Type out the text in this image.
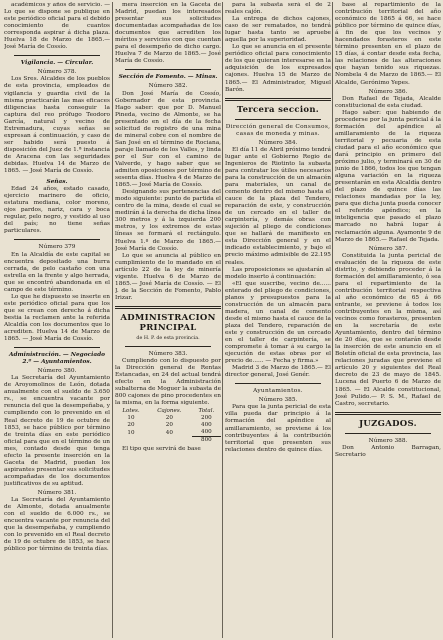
académicos y años de servicio. — Lo que se dispone se publique en este periódico oficial para el debido conocimiento de cuantos corresponda aspirar á dicha plaza. Huelva 18 de Marzo de 1865.— José María de Cossío.

Vigilancia. — Circular.

Número 378.

Los Sres. Alcaldes de los pueblos de esta provincia, empleados de vigilancia y guardia civil de la misma practicarán las mas eficaces diligencias hasta conseguir la captura del reo prófugo Teodoro García, natural y vecino de Extremadura, cuyas señas se expresan á continuación, y caso de ser habido será puesto á disposición del Juez de 1.ª instancia de Aracena con las seguridades debidas. Huelva 14 de Marzo de 1865. — José María de Cossío.

Señas.

Edad 24 años, estado casado, ejercicio marinero de oficio, estatura mediana, color moreno, ojos pardos, nariz, cara y boca regular, pelo negro, y vestido al uso del país; no tiene señas particulares.

Número 379

En la Alcaldía de este capital se encuentra depositado una burra cerrada, de pelo castaño con una estrella en la frente y algo herrada, que se encontró abandonada en el campo de este término.

Lo que he dispuesto se inserte en este periódico oficial para que los que se crean con derecho á dicha bestia la reclamen ante la referida Alcaldía con los documentos que lo acrediten. Huelva 14 de Marzo de 1865. — José María de Cossío.

Administración. — Negociado 2.º — Ayuntamientos.

Número 380.

La Secretaría del Ayuntamiento de Aroyomolinos de León, dotada anualmente con el sueldo de 3.650 rs., se encuentra vacante por renuncia del que la desempeñaba, y cumpliendo con lo prevenido en el Real decreto de 19 de octubre de 1853, se hace público por término de treinta días en este periódico oficial para que en el término de un mes, contado desde que tenga efecto la presente inserción en la Gaceta de Madrid, puedan los aspirantes presentar sus solicitudes acompañadas de los documentos justificativos de su aptitud.

Número 381.

La Secretaría del Ayuntamiento de Almonte, dotada anualmente con el sueldo de 6.000 rs., se encuentra vacante por renuncia del que la desempeñaba, y cumpliendo con lo prevenido en el Real decreto de 19 de octubre de 1853, se hace público por término de treinta días.

mera inserción en la Gaceta de Madrid, puedan los interesados presentar sus solicitudes documentadas acompañadas de los documentos que acrediten los méritos y servicios con que cuentan para el desempeño de dicho cargo. Huelva 7 de Marzo de 1865.— José María de Cossío.

Sección de Fomento. — Minas.

Número 382.

Don José María de Cossío, Gobernador de esta provincia. Hago saber: que por D. Manuel Pineda, vecino de Almonte, se ha presentado en el día de la fecha solicitud de registro de una mina de mineral cobre con el nombre de San José en el término de Rociana, paraje llamado de los Valles, y linda por el Sur con el camino de Valverde, y hago saber que se admiten oposiciones por término de sesenta días. Huelva 4 de Marzo de 1865.— José María de Cossío.

Designando sus pertenencias del modo siguiente: punto de partida el centro de la mina, desde el cual se medirán á la derecha de dicha línea 300 metros y á la izquierda 200 metros, y los extremos de estas líneas se formará el rectángulo. Huelva 1.º de Marzo de 1865.— José María de Cossío.

Lo que se anuncia al público en cumplimiento de lo mandado en el artículo 22 de la ley de minería vigente. Huelva 6 de Marzo de 1865.— José María de Cossío. — El J. de la Sección de Fomento, Pablo Irizar.

ADMINISTRACION PRINCIPAL

de H. P. de esta provincia.

Número 383.

Cumpliendo con lo dispuesto por la Dirección general de Rentas Estancadas, en 24 del actual tendrá efecto en la Administración subalterna de Moguer la subasta de 800 cajones de pino procedentes en la misma, en la forma siguiente.

Lotes.	Cajones.	Total.
10	20	200
20	20	400
10	40	400
		800

El tipo que servirá de base

para la subasta será el de 2 reales cajón.

La entrega de dichos cajones, caso de ser rematados, no tendrá lugar hasta tanto se apruebe aquella por la superioridad.

Lo que se anuncia en el presente periódico oficial para conocimiento de los que quieran interesarse en la adquisición de los expresados cajones. Huelva 15 de Marzo de 1865.— El Administrador, Miguel Barón.

Tercera seccion.

Dirección general de Consumos, casas de moneda y minas.

Número 384.

El día 11 de Abril próximo tendrá lugar ante el Gobierno Regio de Ingenieros de Riotinto la subasta para contratar los útiles necesarios para la construcción de un almacén para materiales, un canal de cemento dentro del mismo hasta el cauce de la plaza del Tendero, reparación de este, y construcción de un cercado en el taller de carpintería, y demás obras con sujeción al pliego de condiciones que se hallará de manifiesto en esta Dirección general y en el indicado establecimiento, y bajo el precio máximo admisible de 22.195 reales.

Las proposiciones se ajustarán al modelo inserto á continuación:

«El que suscribe, vecino de...... enterado del pliego de condiciones, planos y presupuestos para la construcción de un almacén para madera, un canal de cemento desde el mismo hasta el cauce de la plaza del Tendero, reparación de este y construcción de un cercado en el taller de carpintería, se compromete á tomar á su cargo la ejecución de estas obras por el precio de...... — Fecha y firma.»

Madrid 3 de Marzo de 1865.— El director general, José Genér.

Ayuntamientos.

Número 385.

Para que la junta pericial de esta villa pueda dar principio á la formación del apéndice al amillaramiento, se previene á los contribuyentes á la contribución territorial que presenten sus relaciones dentro de quince días.

base al repartimiento de la contribución territorial del año económico de 1865 á 66, se hace público por término de quince días, á fin de que los vecinos y hacendados forasteros en este término presenten en el plazo de 15 días, á contar desde esta fecha, las relaciones de las alteraciones que hayan tenido sus riquezas. Nombela 4 de Marzo de 1865.— El Alcalde, Gerónimo Yepes.

Número 386.

Don Rafael de Tejada, Alcalde constitucional de esta ciudad.

Hago saber: que habiendo de procederse por la junta pericial á la formación del apéndice al amillaramiento de la riqueza territorial y pecuaria de esta ciudad para el año económico que dará principio en primero del próximo julio, y terminará en 30 de junio de 1866, todos los que tengan alguna variación en la riqueza presentarán en esta Alcaldía dentro del plazo de quince días las relaciones mandadas por la ley, para que dicha junta pueda conocer el referido apéndice; en la inteligencia que pasado el plazo marcado no habrá lugar á reclamación alguna. Ayamonte 9 de Marzo de 1865.— Rafael de Tejada.

Número 387.

Constituida la junta pericial de evaluación de la riqueza de este distrito, y debiendo proceder á la formación del amillaramiento, ó sea para el repartimiento de la contribución territorial respectiva al año económico de 65 á 66 entrante, se previene á todos los contribuyentes en la misma, así vecinos como forasteros, presenten en la secretaría de este Ayuntamiento, dentro del término de 20 días, que se contarán desde la inserción de este anuncio en el Boletín oficial de esta provincia, las relaciones juradas que previene el artículo 20 y siguientes del Real decreto de 23 de mayo de 1845. Lucena del Puerto 6 de Marzo de 1865. — El Alcalde constitucional, José Pulido.— P. S. M., Rafael de Castro, secretario.

JUZGADOS.

Número 388.

Don Antonio Barragan, Secretario
